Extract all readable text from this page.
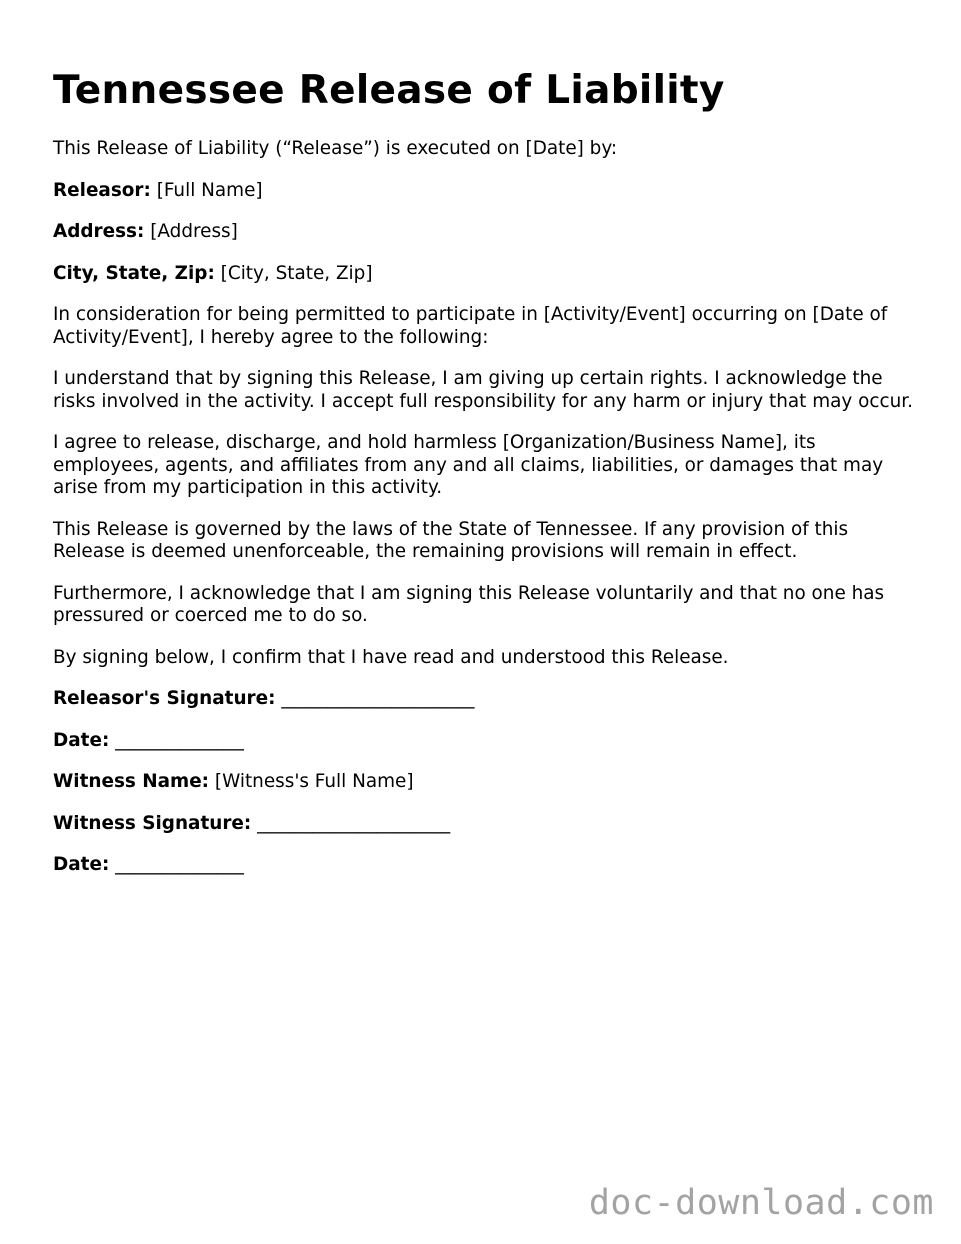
Tennessee Release of Liability

This Release of Liability (“Release”) is executed on [Date] by:

Releasor: [Full Name]

Address: [Address]

City, State, Zip: [City, State, Zip]

In consideration for being permitted to participate in [Activity/Event] occurring on [Date of Activity/Event], I hereby agree to the following:

I understand that by signing this Release, I am giving up certain rights. I acknowledge the risks involved in the activity. I accept full responsibility for any harm or injury that may occur.

I agree to release, discharge, and hold harmless [Organization/Business Name], its employees, agents, and affiliates from any and all claims, liabilities, or damages that may arise from my participation in this activity.

This Release is governed by the laws of the State of Tennessee. If any provision of this Release is deemed unenforceable, the remaining provisions will remain in effect.

Furthermore, I acknowledge that I am signing this Release voluntarily and that no one has pressured or coerced me to do so.

By signing below, I confirm that I have read and understood this Release.

Releasor's Signature: _____________________

Date: ______________

Witness Name: [Witness's Full Name]

Witness Signature: _____________________

Date: ______________

doc-download.com
